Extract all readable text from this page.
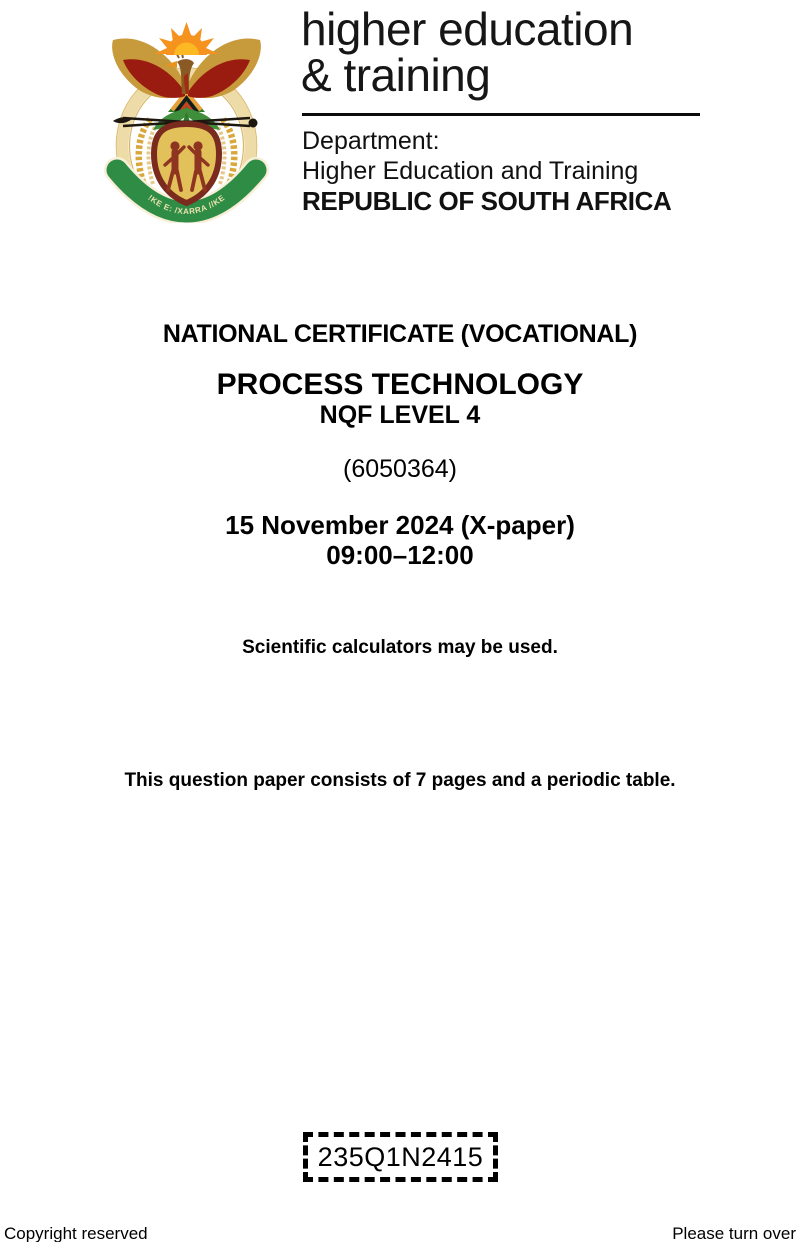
!KE E: /XARRA //KE
higher education
& training
Department:
Higher Education and Training
REPUBLIC OF SOUTH AFRICA
NATIONAL CERTIFICATE (VOCATIONAL)
PROCESS TECHNOLOGY
NQF LEVEL 4
(6050364)
15 November 2024 (X-paper)
09:00–12:00
Scientific calculators may be used.
This question paper consists of 7 pages and a periodic table.
235Q1N2415
Copyright reserved	Please turn over
